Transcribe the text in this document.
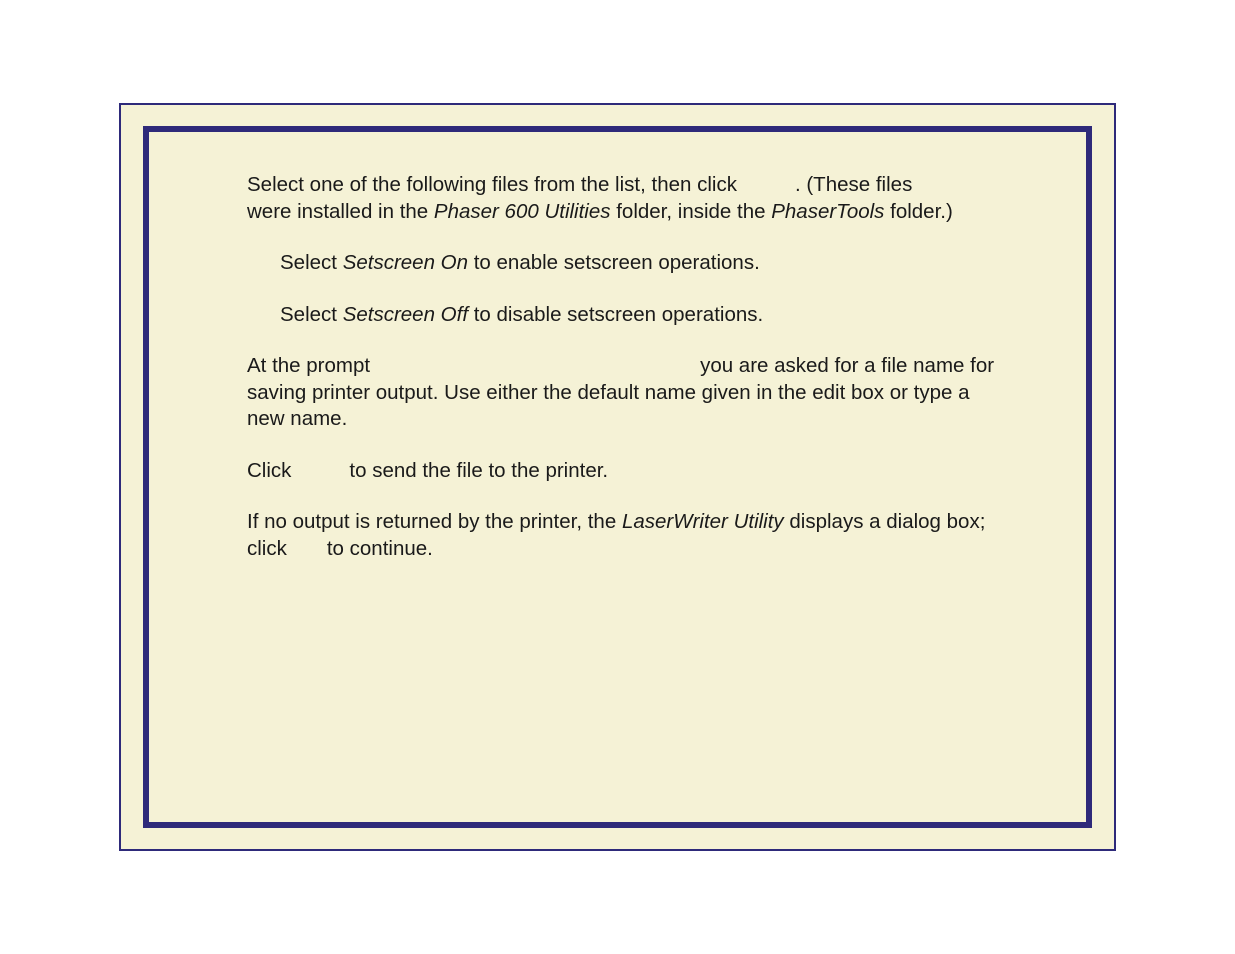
Select one of the following files from the list, then click	. (These files
were installed in the Phaser 600 Utilities folder, inside the PhaserTools folder.)

Select Setscreen On to enable setscreen operations.

Select Setscreen Off to disable setscreen operations.

At the prompt	you are asked for a file name for saving printer output. Use either the default name given in the edit box or type a new name.

Click	to send the file to the printer.

If no output is returned by the printer, the LaserWriter Utility displays a dialog box; click to continue.
